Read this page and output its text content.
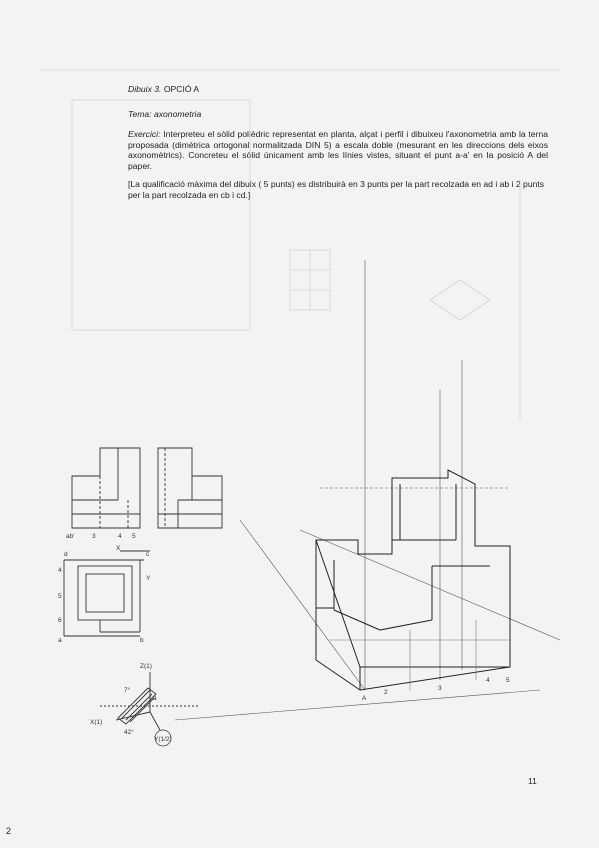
Dibuix 3. OPCIÓ A

Tema: axonometria

Exercici: Interpreteu el sòlid polièdric representat en planta, alçat i perfil i dibuixeu l'axonometria amb la terna proposada (dimètrica ortogonal normalitzada DIN 5) a escala doble (mesurant en les direccions dels eixos axonomètrics). Concreteu el sòlid únicament amb les línies vistes, situant el punt a-a' en la posició A del paper.

[La qualificació màxima del dibuix ( 5 punts) es distribuirà en 3 punts per la part recolzada en ad i ab i 2 punts per la part recolzada en cb i cd.]

ab'	3	4 5
d	c
X
Y
a	b
4
5
6
Z(1)
X(1)
Y(1/2)
7°
42°
a	A
2
3
4	5
11
2
